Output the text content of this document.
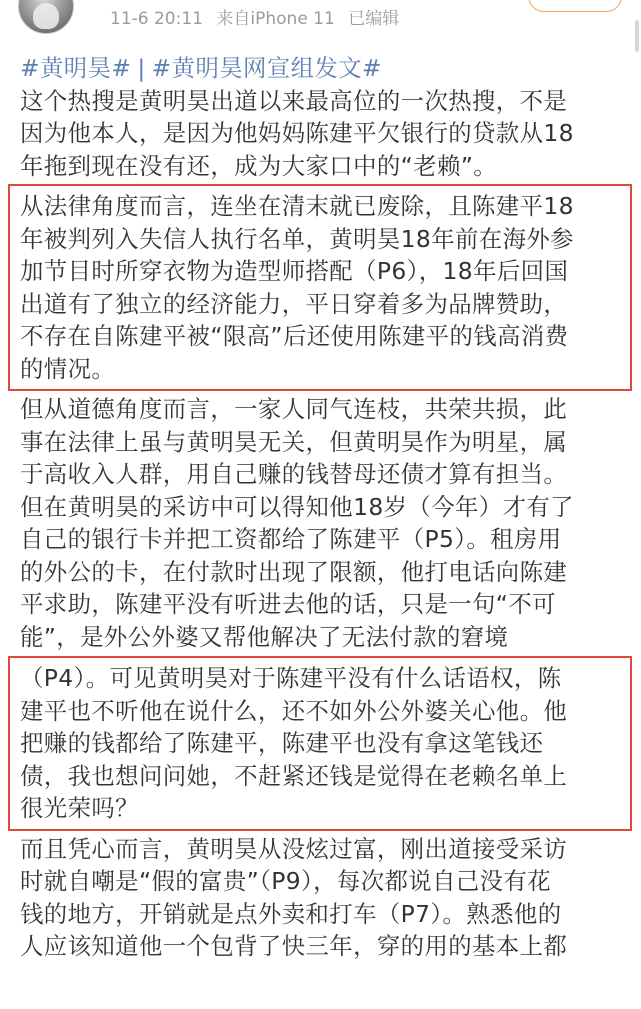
11-6 20:11 来自iPhone 11 已编辑
#黄明昊# | #黄明昊网宣组发文#
这个热搜是黄明昊出道以来最高位的一次热搜，不是
因为他本人，是因为他妈妈陈建平欠银行的贷款从18
年拖到现在没有还，成为大家口中的“老赖”。
从法律角度而言，连坐在清末就已废除，且陈建平18
年被判列入失信人执行名单，黄明昊18年前在海外参
加节目时所穿衣物为造型师搭配（P6），18年后回国
出道有了独立的经济能力，平日穿着多为品牌赞助，
不存在自陈建平被“限高”后还使用陈建平的钱高消费
的情况。
但从道德角度而言，一家人同气连枝，共荣共损，此
事在法律上虽与黄明昊无关，但黄明昊作为明星，属
于高收入人群，用自己赚的钱替母还债才算有担当。
但在黄明昊的采访中可以得知他18岁（今年）才有了
自己的银行卡并把工资都给了陈建平（P5）。租房用
的外公的卡，在付款时出现了限额，他打电话向陈建
平求助，陈建平没有听进去他的话，只是一句“不可
能”，是外公外婆又帮他解决了无法付款的窘境
（P4）。可见黄明昊对于陈建平没有什么话语权，陈
建平也不听他在说什么，还不如外公外婆关心他。他
把赚的钱都给了陈建平，陈建平也没有拿这笔钱还
债，我也想问问她，不赶紧还钱是觉得在老赖名单上
很光荣吗？
而且凭心而言，黄明昊从没炫过富，刚出道接受采访
时就自嘲是“假的富贵”（P9），每次都说自己没有花
钱的地方，开销就是点外卖和打车（P7）。熟悉他的
人应该知道他一个包背了快三年，穿的用的基本上都
